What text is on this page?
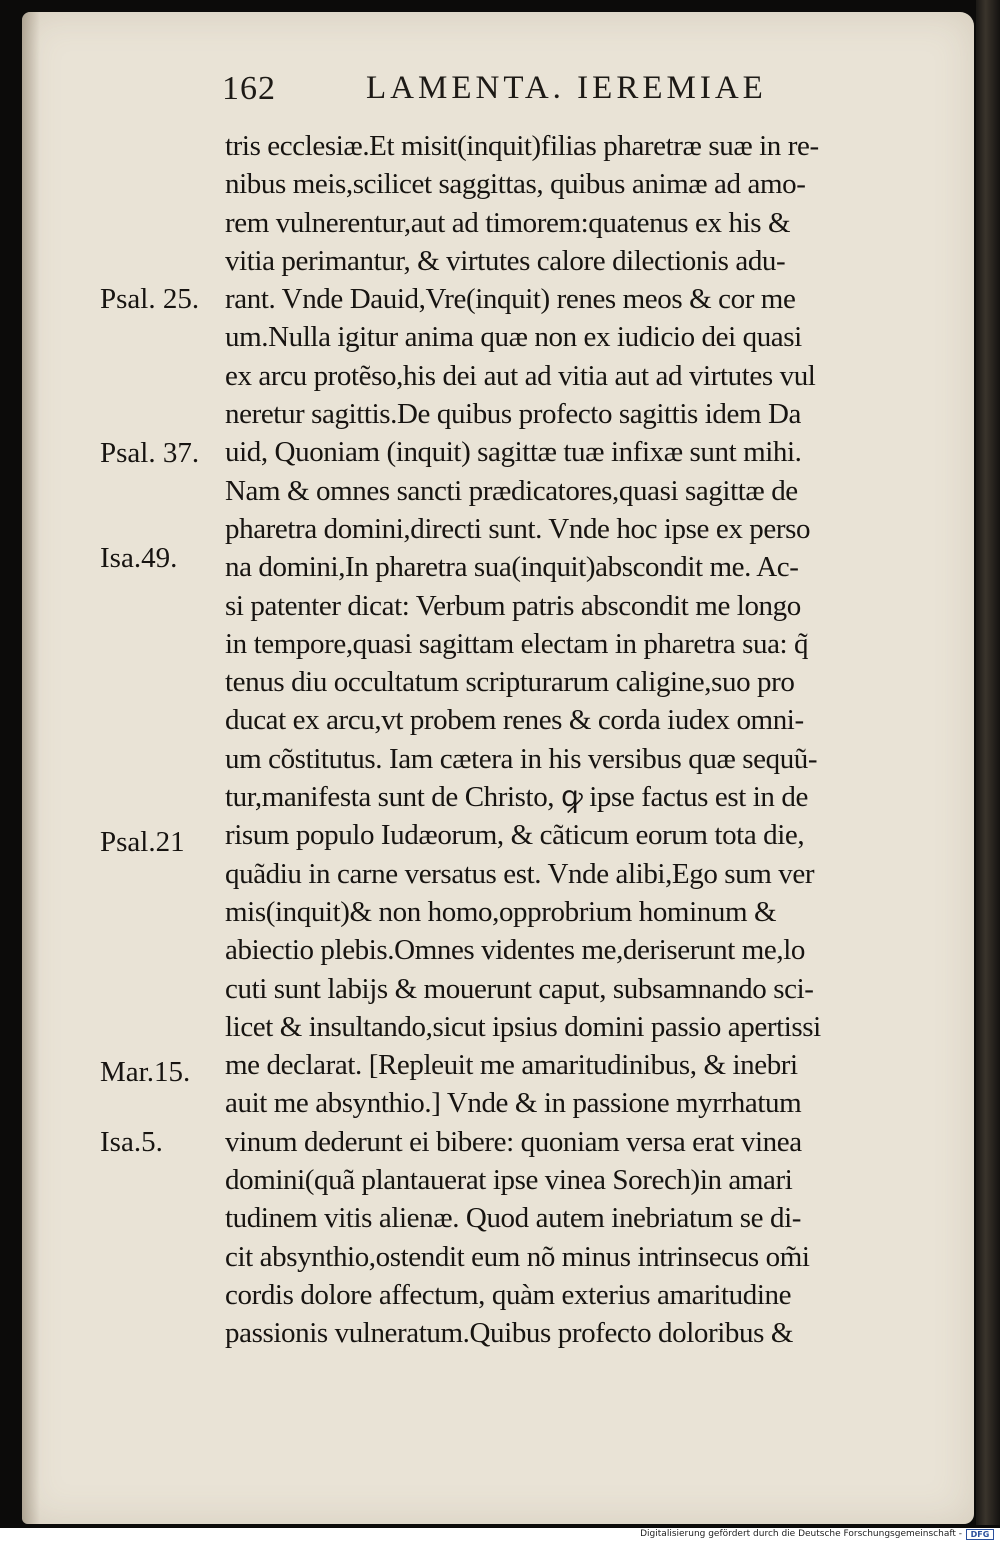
162	LAMENTA. IEREMIAE
tris ecclesiæ.Et misit(inquit)filias pharetræ suæ in re-
nibus meis,scilicet saggittas, quibus animæ ad amo-
rem vulnerentur,aut ad timorem:quatenus ex his &
vitia perimantur, & virtutes calore dilectionis adu-
rant. Vnde Dauid,Vre(inquit) renes meos & cor me
um.Nulla igitur anima quæ non ex iudicio dei quasi
ex arcu protẽso,his dei aut ad vitia aut ad virtutes vul
neretur sagittis.De quibus profecto sagittis idem Da
uid, Quoniam (inquit) sagittæ tuæ infixæ sunt mihi.
Nam & omnes sancti prædicatores,quasi sagittæ de
pharetra domini,directi sunt. Vnde hoc ipse ex perso
na domini,In pharetra sua(inquit)abscondit me. Ac-
si patenter dicat: Verbum patris abscondit me longo
in tempore,quasi sagittam electam in pharetra sua: q̃
tenus diu occultatum scripturarum caligine,suo pro
ducat ex arcu,vt probem renes & corda iudex omni-
um cõstitutus. Iam cætera in his versibus quæ sequũ-
tur,manifesta sunt de Christo, ꝙ ipse factus est in de
risum populo Iudæorum, & cãticum eorum tota die,
quãdiu in carne versatus est. Vnde alibi,Ego sum ver
mis(inquit)& non homo,opprobrium hominum &
abiectio plebis.Omnes videntes me,deriserunt me,lo
cuti sunt labijs & mouerunt caput, subsamnando sci-
licet & insultando,sicut ipsius domini passio apertissi
me declarat. [Repleuit me amaritudinibus, & inebri
auit me absynthio.] Vnde & in passione myrrhatum
vinum dederunt ei bibere: quoniam versa erat vinea
domini(quã plantauerat ipse vinea Sorech)in amari
tudinem vitis alienæ. Quod autem inebriatum se di-
cit absynthio,ostendit eum nõ minus intrinsecus om̃i
cordis dolore affectum, quàm exterius amaritudine
passionis vulneratum.Quibus profecto doloribus &
Psal. 25.
Psal. 37.
Isa.49.
Psal.21
Mar.15.
Isa.5.
Digitalisierung gefördert durch die Deutsche Forschungsgemeinschaft -	DFG
